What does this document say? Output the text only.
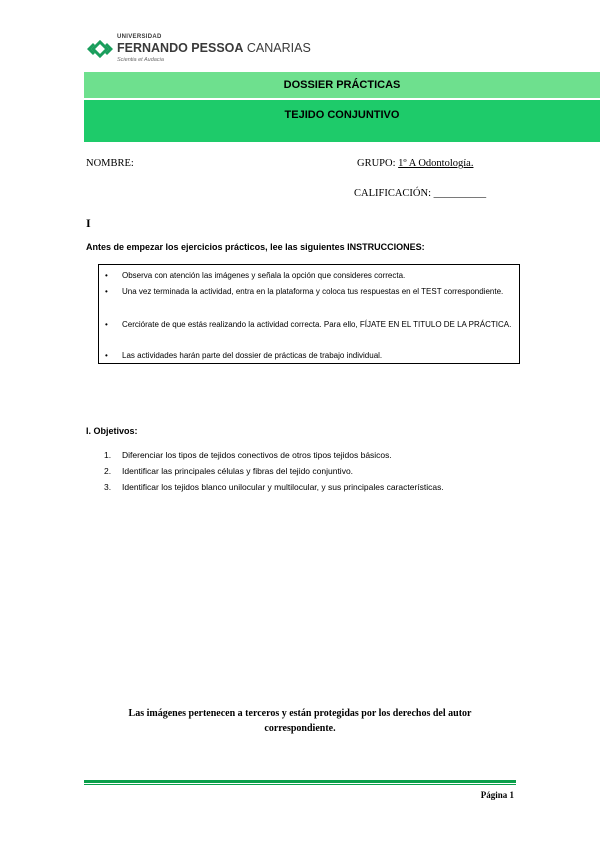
UNIVERSIDAD
FERNANDO PESSOA CANARIAS
Scientia et Audacia
DOSSIER PRÁCTICAS
TEJIDO CONJUNTIVO
NOMBRE:	GRUPO: 1º A Odontología.
CALIFICACIÓN: __________
I
Antes de empezar los ejercicios prácticos, lee las siguientes INSTRUCCIONES:
• Observa con atención las imágenes y señala la opción que consideres correcta.
• Una vez terminada la actividad, entra en la plataforma y coloca tus respuestas en el TEST correspondiente.
• Cerciórate de que estás realizando la actividad correcta. Para ello, FÍJATE EN EL TITULO DE LA PRÁCTICA.
• Las actividades harán parte del dossier de prácticas de trabajo individual.
I. Objetivos:
1. Diferenciar los tipos de tejidos conectivos de otros tipos tejidos básicos.
2. Identificar las principales células y fibras del tejido conjuntivo.
3. Identificar los tejidos blanco unilocular y multilocular, y sus principales características.
Las imágenes pertenecen a terceros y están protegidas por los derechos del autor correspondiente.
Página 1
